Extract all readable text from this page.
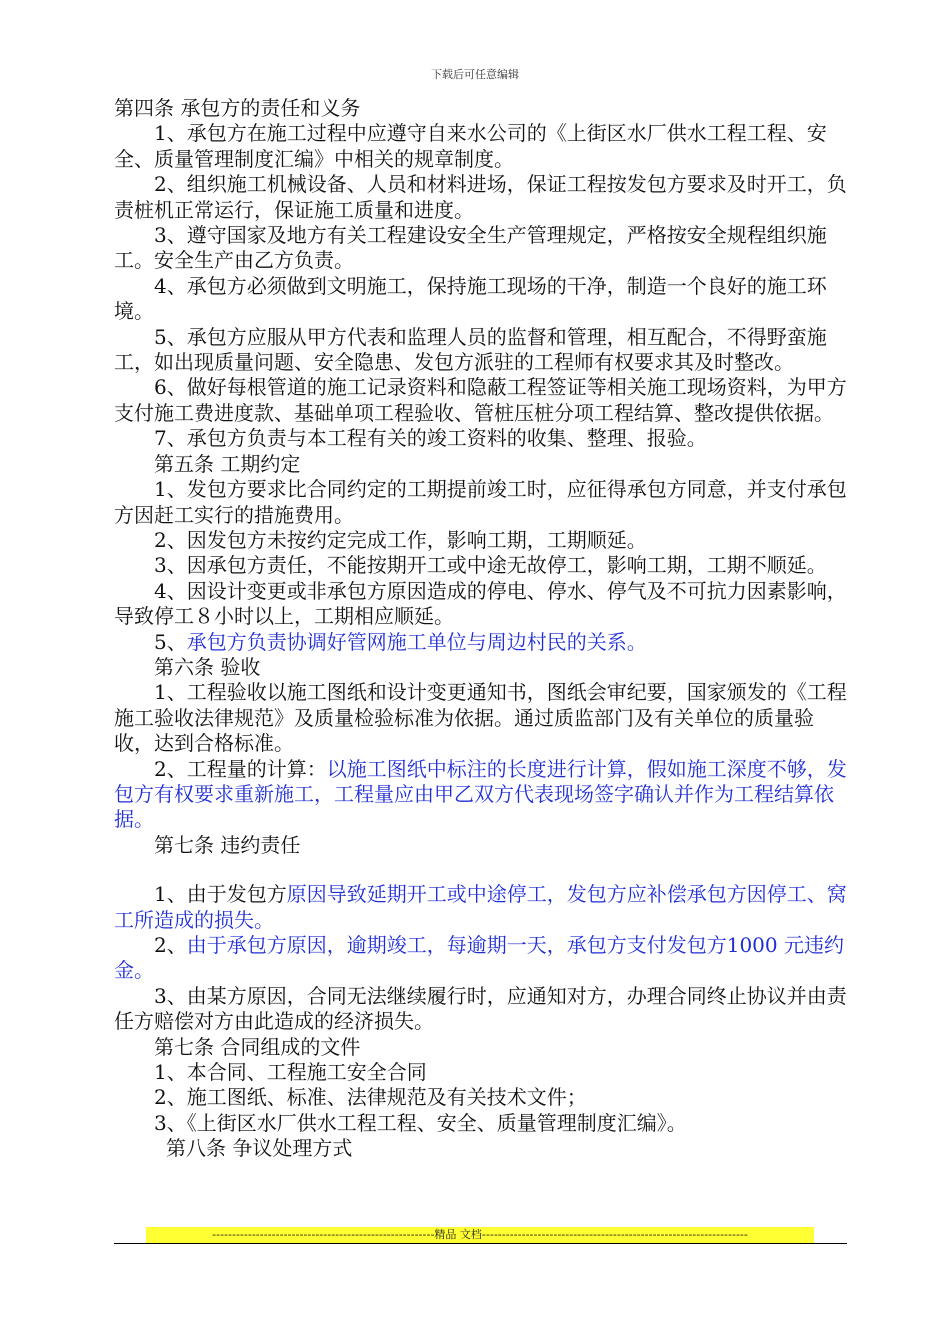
下载后可任意编辑

第四条 承包方的责任和义务

1、承包方在施工过程中应遵守自来水公司的《上街区水厂供水工程工程、安全、质量管理制度汇编》中相关的规章制度。

2、组织施工机械设备、人员和材料进场，保证工程按发包方要求及时开工，负责桩机正常运行，保证施工质量和进度。

3、遵守国家及地方有关工程建设安全生产管理规定，严格按安全规程组织施工。安全生产由乙方负责。

4、承包方必须做到文明施工，保持施工现场的干净，制造一个良好的施工环境。

5、承包方应服从甲方代表和监理人员的监督和管理，相互配合，不得野蛮施工，如出现质量问题、安全隐患、发包方派驻的工程师有权要求其及时整改。

6、做好每根管道的施工记录资料和隐蔽工程签证等相关施工现场资料，为甲方支付施工费进度款、基础单项工程验收、管桩压桩分项工程结算、整改提供依据。

7、承包方负责与本工程有关的竣工资料的收集、整理、报验。

第五条 工期约定

1、发包方要求比合同约定的工期提前竣工时，应征得承包方同意，并支付承包方因赶工实行的措施费用。

2、因发包方未按约定完成工作，影响工期，工期顺延。

3、因承包方责任，不能按期开工或中途无故停工，影响工期，工期不顺延。

4、因设计变更或非承包方原因造成的停电、停水、停气及不可抗力因素影响，导致停工８小时以上，工期相应顺延。

5、承包方负责协调好管网施工单位与周边村民的关系。

第六条 验收

1、工程验收以施工图纸和设计变更通知书，图纸会审纪要，国家颁发的《工程施工验收法律规范》及质量检验标准为依据。通过质监部门及有关单位的质量验收，达到合格标准。

2、工程量的计算：以施工图纸中标注的长度进行计算，假如施工深度不够，发包方有权要求重新施工，工程量应由甲乙双方代表现场签字确认并作为工程结算依据。

第七条 违约责任

1、由于发包方原因导致延期开工或中途停工，发包方应补偿承包方因停工、窝工所造成的损失。

2、由于承包方原因，逾期竣工，每逾期一天，承包方支付发包方1000 元违约金。

3、由某方原因，合同无法继续履行时，应通知对方，办理合同终止协议并由责任方赔偿对方由此造成的经济损失。

第七条 合同组成的文件

1、本合同、工程施工安全合同

2、施工图纸、标准、法律规范及有关技术文件；

3、《上街区水厂供水工程工程、安全、质量管理制度汇编》。

第八条 争议处理方式

--------------------------------------------------------精品 文档-------------------------------------------------------------------
